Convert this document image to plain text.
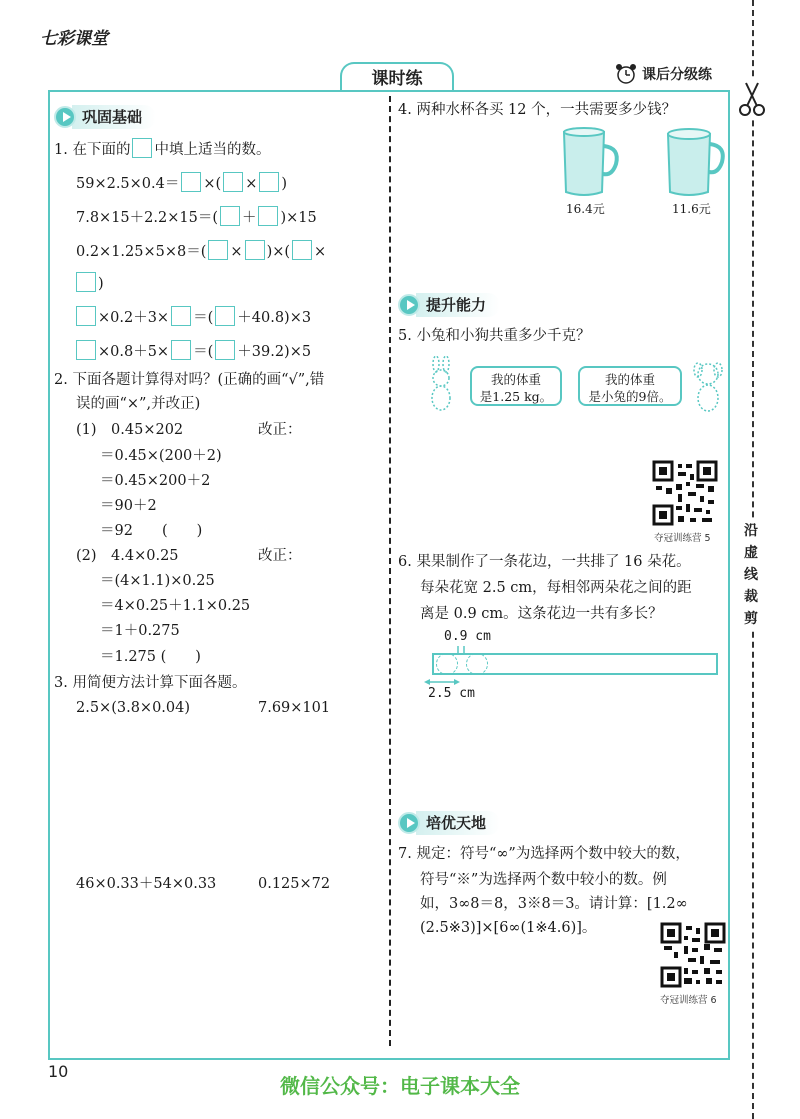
七彩课堂
课时练	课后分级练
沿
虚
线
裁
剪
巩固基础
1. 在下面的 中填上适当的数。
59×2.5×0.4＝ ×( × )
7.8×15＋2.2×15＝( ＋ )×15
0.2×1.25×5×8＝( × )×( ×
)
×0.2＋3× ＝( ＋40.8)×3
×0.8＋5× ＝( ＋39.2)×5
2. 下面各题计算得对吗？(正确的画“√”,错
误的画“×”,并改正)
(1)　0.45×202	改正：
＝0.45×(200＋2)
＝0.45×200＋2
＝90＋2
＝92　　(　　)
(2)　4.4×0.25	改正：
＝(4×1.1)×0.25
＝4×0.25＋1.1×0.25
＝1＋0.275
＝1.275 (　　)
3. 用简便方法计算下面各题。
2.5×(3.8×0.04)	7.69×101
46×0.33＋54×0.33	0.125×72
4. 两种水杯各买 12 个，一共需要多少钱？
16.4元	11.6元
提升能力
5. 小兔和小狗共重多少千克？
我的体重
是1.25 kg。
我的体重
是小兔的9倍。
夺冠训练营 5
6. 果果制作了一条花边，一共排了 16 朵花。
每朵花宽 2.5 cm，每相邻两朵花之间的距
离是 0.9 cm。这条花边一共有多长？
0.9 cm
2.5 cm
培优天地
7. 规定：符号“∞”为选择两个数中较大的数，
符号“※”为选择两个数中较小的数。例
如，3∞8＝8，3※8＝3。请计算：[1.2∞
(2.5※3)]×[6∞(1※4.6)]。
夺冠训练营 6
10
微信公众号：电子课本大全
